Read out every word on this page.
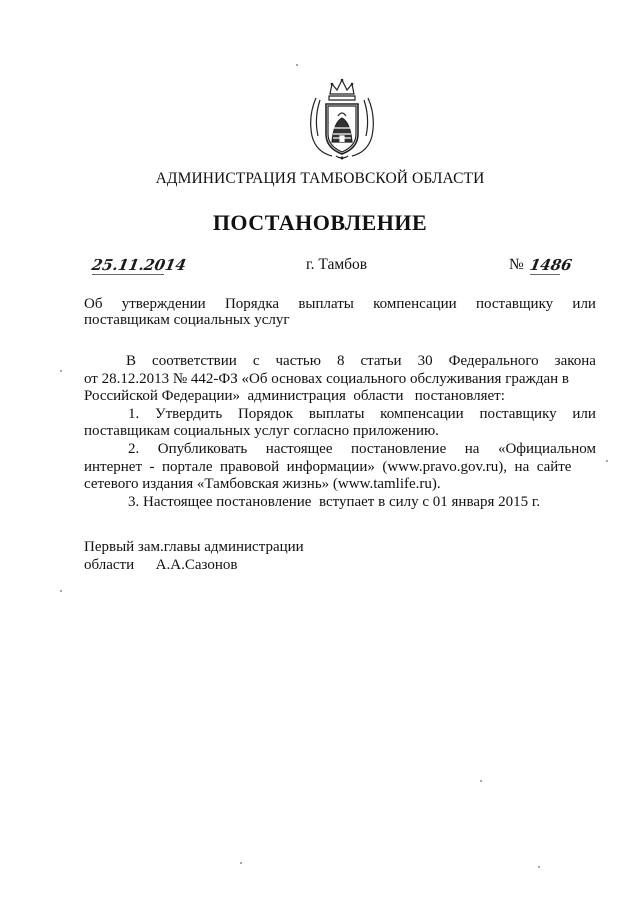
АДМИНИСТРАЦИЯ ТАМБОВСКОЙ ОБЛАСТИ
ПОСТАНОВЛЕНИЕ
25.11.2014	г. Тамбов	№ 1486
Об утверждении Порядка выплаты компенсации поставщику или
поставщикам социальных услуг
В соответствии с частью 8 статьи 30 Федерального закона

от 28.12.2013 № 442-ФЗ «Об основах социального обслуживания граждан в

Российской Федерации»  администрация  области   постановляет:

1. Утвердить Порядок выплаты компенсации поставщику или

поставщикам социальных услуг согласно приложению.

2. Опубликовать настоящее постановление на «Официальном

интернет  -  портале  правовой  информации»  (www.pravo.gov.ru),  на  сайте

сетевого издания «Тамбовская жизнь» (www.tamlife.ru).

3. Настоящее постановление  вступает в силу с 01 января 2015 г.

Первый зам.главы администрации
области А.А.Сазонов
